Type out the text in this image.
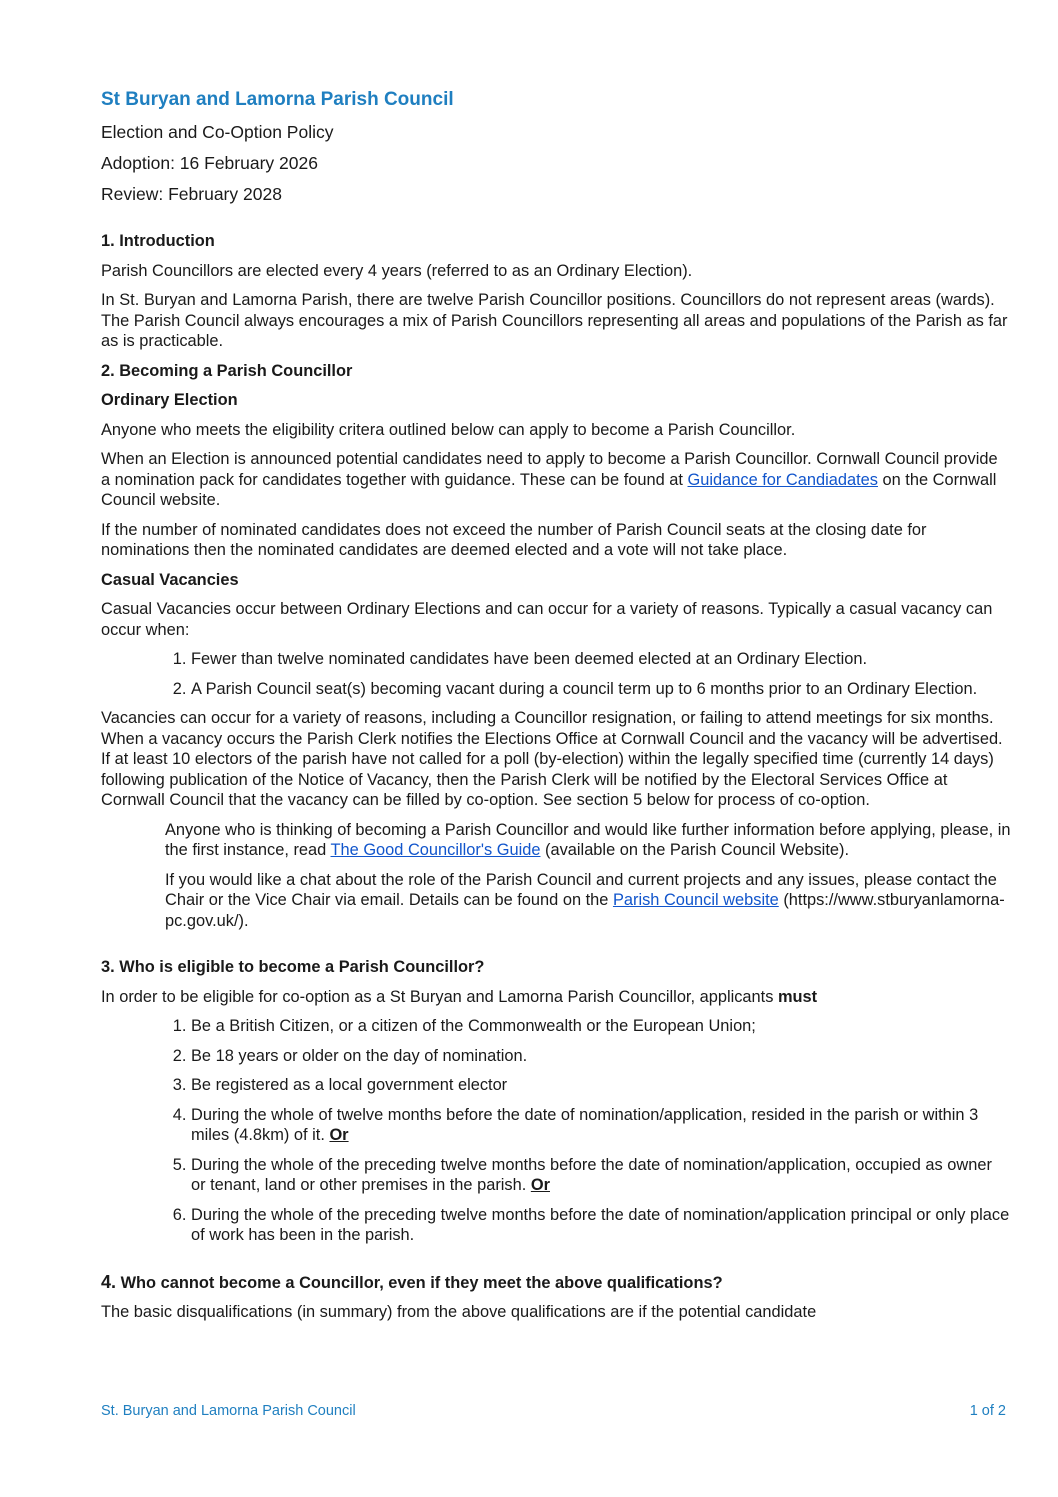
St Buryan and Lamorna Parish Council
Election and Co-Option Policy
Adoption: 16 February 2026
Review: February 2028
1. Introduction

Parish Councillors are elected every 4 years (referred to as an Ordinary Election).

In St. Buryan and Lamorna Parish, there are twelve Parish Councillor positions. Councillors do not represent areas (wards). The Parish Council always encourages a mix of Parish Councillors representing all areas and populations of the Parish as far as is practicable.

2. Becoming a Parish Councillor
Ordinary Election

Anyone who meets the eligibility critera outlined below can apply to become a Parish Councillor.

When an Election is announced potential candidates need to apply to become a Parish Councillor. Cornwall Council provide a nomination pack for candidates together with guidance. These can be found at Guidance for Candiadates on the Cornwall Council website.

If the number of nominated candidates does not exceed the number of Parish Council seats at the closing date for nominations then the nominated candidates are deemed elected and a vote will not take place.

Casual Vacancies

Casual Vacancies occur between Ordinary Elections and can occur for a variety of reasons. Typically a casual vacancy can occur when:

1. Fewer than twelve nominated candidates have been deemed elected at an Ordinary Election.
2. A Parish Council seat(s) becoming vacant during a council term up to 6 months prior to an Ordinary Election.

Vacancies can occur for a variety of reasons, including a Councillor resignation, or failing to attend meetings for six months. When a vacancy occurs the Parish Clerk notifies the Elections Office at Cornwall Council and the vacancy will be advertised. If at least 10 electors of the parish have not called for a poll (by-election) within the legally specified time (currently 14 days) following publication of the Notice of Vacancy, then the Parish Clerk will be notified by the Electoral Services Office at Cornwall Council that the vacancy can be filled by co-option. See section 5 below for process of co-option.

Anyone who is thinking of becoming a Parish Councillor and would like further information before applying, please, in the first instance, read The Good Councillor's Guide (available on the Parish Council Website).

If you would like a chat about the role of the Parish Council and current projects and any issues, please contact the Chair or the Vice Chair via email. Details can be found on the Parish Council website (https://www.stburyanlamorna-pc.gov.uk/).

3. Who is eligible to become a Parish Councillor?

In order to be eligible for co-option as a St Buryan and Lamorna Parish Councillor, applicants must

1. Be a British Citizen, or a citizen of the Commonwealth or the European Union;
2. Be 18 years or older on the day of nomination.
3. Be registered as a local government elector
4. During the whole of twelve months before the date of nomination/application, resided in the parish or within 3 miles (4.8km) of it. Or
5. During the whole of the preceding twelve months before the date of nomination/application, occupied as owner or tenant, land or other premises in the parish. Or
6. During the whole of the preceding twelve months before the date of nomination/application principal or only place of work has been in the parish.
4. Who cannot become a Councillor, even if they meet the above qualifications?

The basic disqualifications (in summary) from the above qualifications are if the potential candidate

St. Buryan and Lamorna Parish Council	1 of 2
